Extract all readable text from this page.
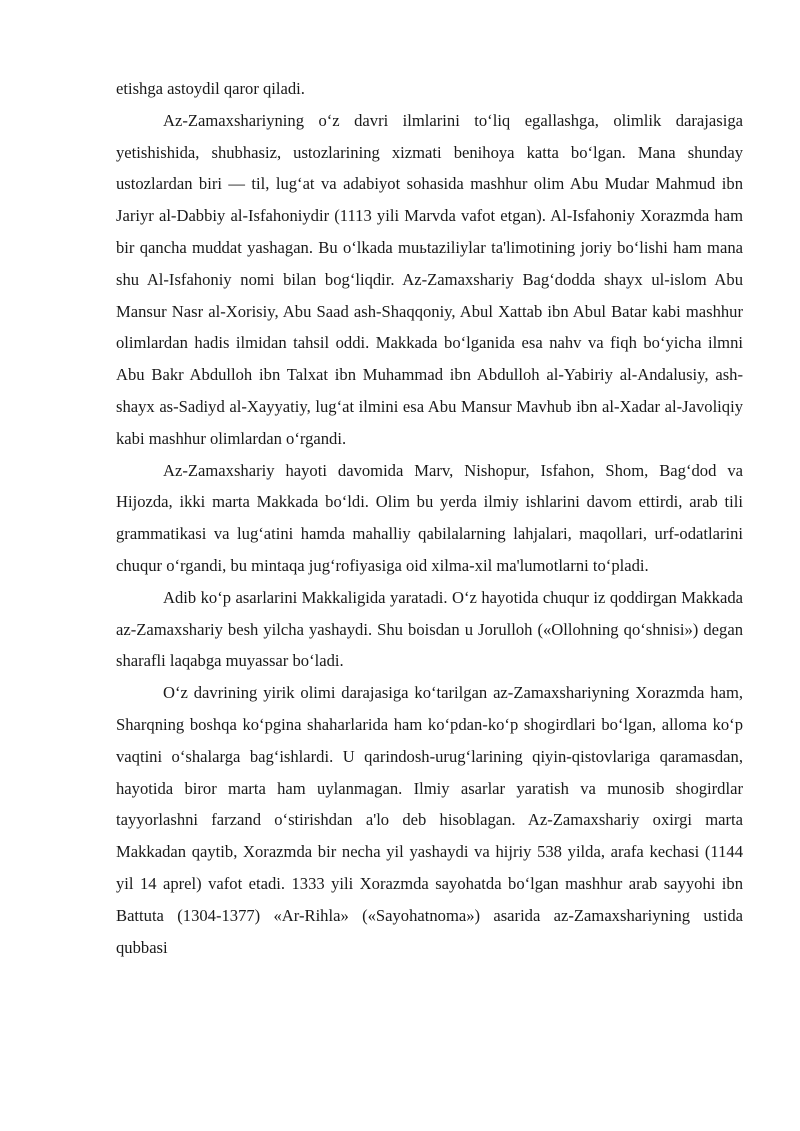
etishga astoydil qaror qiladi.

Az-Zamaxshariyning o‘z davri ilmlarini to‘liq egallashga, olimlik darajasiga yetishishida, shubhasiz, ustozlarining xizmati benihoya katta bo‘lgan. Mana shunday ustozlardan biri — til, lug‘at va adabiyot sohasida mashhur olim Abu Mudar Mahmud ibn Jariyr al-Dabbiy al-Isfahoniydir (1113 yili Marvda vafot etgan). Al-Isfahoniy Xorazmda ham bir qancha muddat yashagan. Bu o‘lkada muьtaziliylar ta'limotining joriy bo‘lishi ham mana shu Al-Isfahoniy nomi bilan bog‘liqdir. Az-Zamaxshariy Bag‘dodda shayx ul-islom Abu Mansur Nasr al-Xorisiy, Abu Saad ash-Shaqqoniy, Abul Xattab ibn Abul Batar kabi mashhur olimlardan hadis ilmidan tahsil oddi. Makkada bo‘lganida esa nahv va fiqh bo‘yicha ilmni Abu Bakr Abdulloh ibn Talxat ibn Muhammad ibn Abdulloh al-Yabiriy al-Andalusiy, ash-shayx as-Sadiyd al-Xayyatiy, lug‘at ilmini esa Abu Mansur Mavhub ibn al-Xadar al-Javoliqiy kabi mashhur olimlardan o‘rgandi.

Az-Zamaxshariy hayoti davomida Marv, Nishopur, Isfahon, Shom, Bag‘dod va Hijozda, ikki marta Makkada bo‘ldi. Olim bu yerda ilmiy ishlarini davom ettirdi, arab tili grammatikasi va lug‘atini hamda mahalliy qabilalarning lahjalari, maqollari, urf-odatlarini chuqur o‘rgandi, bu mintaqa jug‘rofiyasiga oid xilma-xil ma'lumotlarni to‘pladi.

Adib ko‘p asarlarini Makkaligida yaratadi. O‘z hayotida chuqur iz qoddirgan Makkada az-Zamaxshariy besh yilcha yashaydi. Shu boisdan u Jorulloh («Ollohning qo‘shnisi») degan sharafli laqabga muyassar bo‘ladi.

O‘z davrining yirik olimi darajasiga ko‘tarilgan az-Zamaxshariyning Xorazmda ham, Sharqning boshqa ko‘pgina shaharlarida ham ko‘pdan-ko‘p shogirdlari bo‘lgan, alloma ko‘p vaqtini o‘shalarga bag‘ishlardi. U qarindosh-urug‘larining qiyin-qistovlariga qaramasdan, hayotida biror marta ham uylanmagan. Ilmiy asarlar yaratish va munosib shogirdlar tayyorlashni farzand o‘stirishdan a'lo deb hisoblagan. Az-Zamaxshariy oxirgi marta Makkadan qaytib, Xorazmda bir necha yil yashaydi va hijriy 538 yilda, arafa kechasi (1144 yil 14 aprel) vafot etadi. 1333 yili Xorazmda sayohatda bo‘lgan mashhur arab sayyohi ibn Battuta (1304-1377) «Ar-Rihla» («Sayohatnoma») asarida az-Zamaxshariyning ustida qubbasi
